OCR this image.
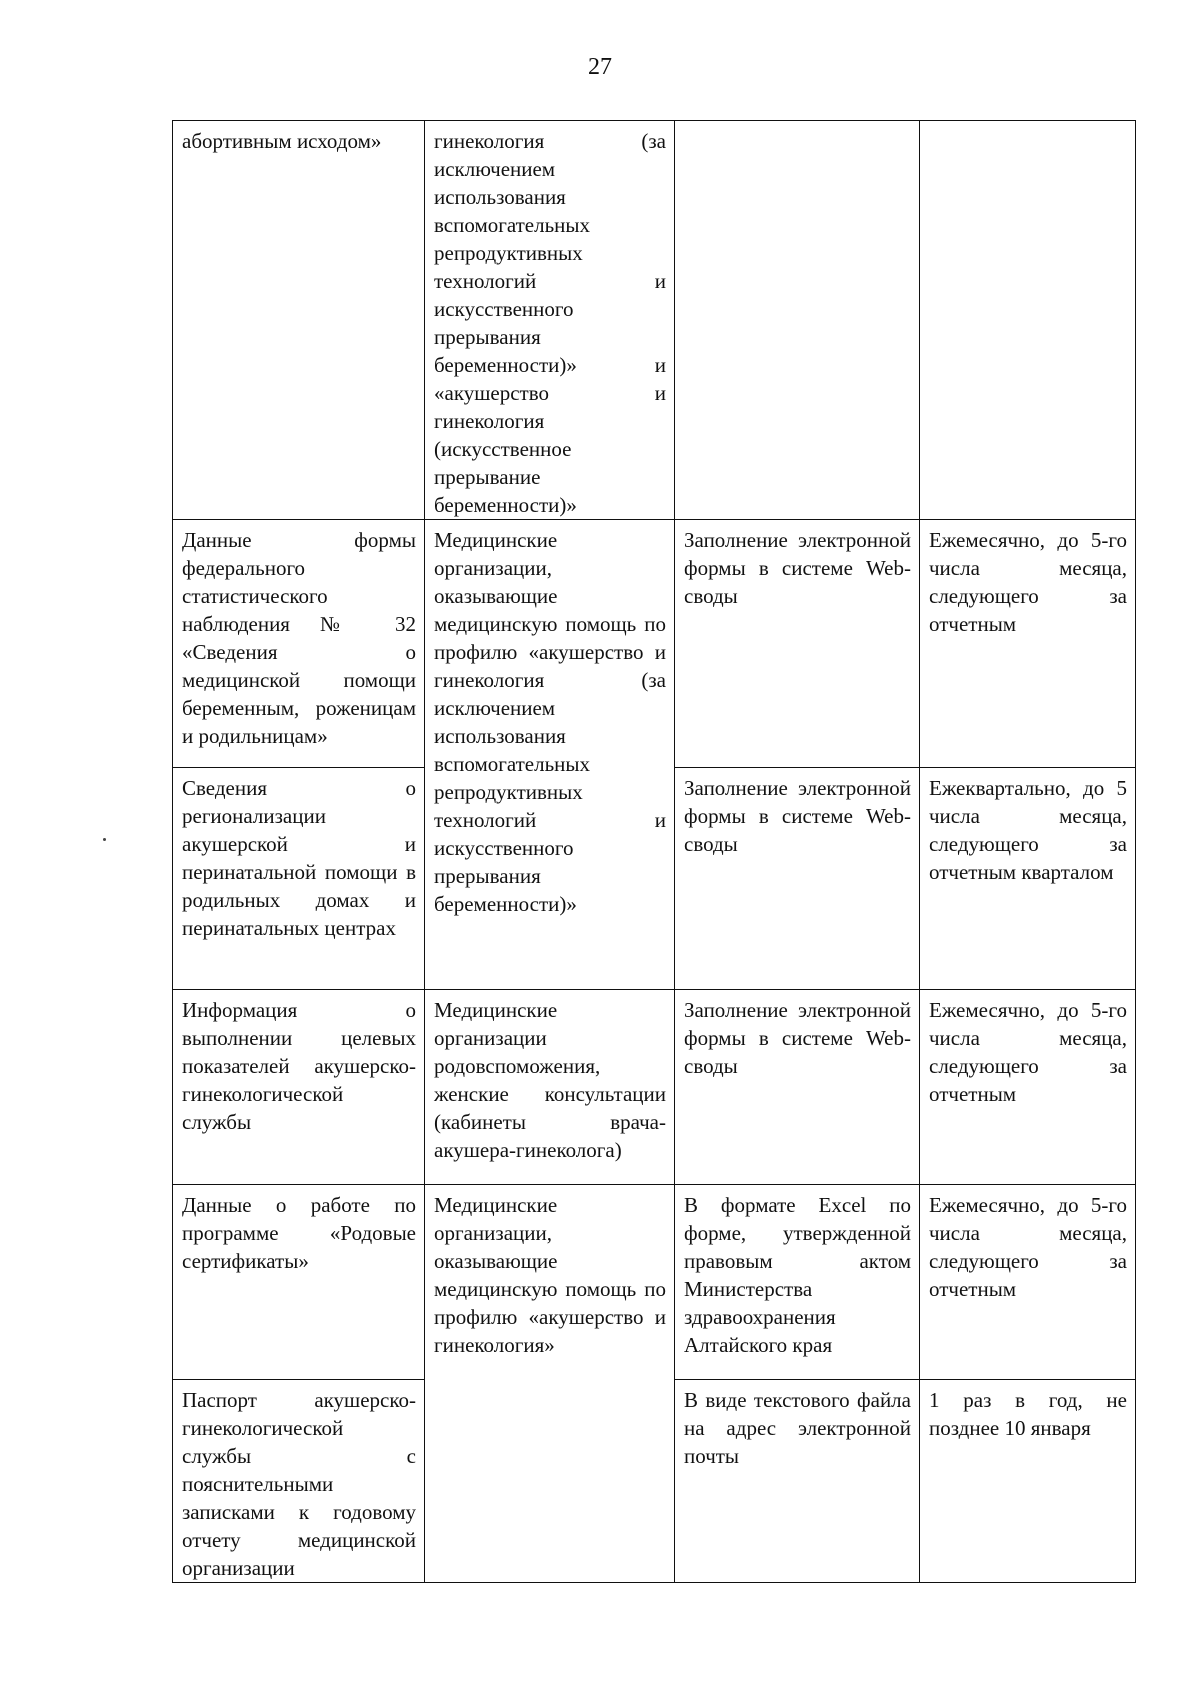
27
абортивным исходом»	гинекология (за исключением использования вспомогательных репродуктивных технологий и искусственного прерывания беременности)» и «акушерство и гинекология (искусственное прерывание беременности)»		
Данные формы федерального статистического наблюдения № 32 «Сведения о медицинской помощи беременным, роженицам и родильницам»	Медицинские организации, оказывающие медицинскую помощь по профилю «акушерство и гинекология (за исключением использования вспомогательных репродуктивных технологий и искусственного прерывания беременности)»	Заполнение электронной формы в системе Web-своды	Ежемесячно, до 5-го числа месяца, следующего за отчетным
Сведения о регионализации акушерской и перинатальной помощи в родильных домах и перинатальных центрах		Заполнение электронной формы в системе Web-своды	Ежеквартально, до 5 числа месяца, следующего за отчетным кварталом
Информация о выполнении целевых показателей акушерско-гинекологической службы	Медицинские организации родовспоможения, женские консультации (кабинеты врача-акушера-гинеколога)	Заполнение электронной формы в системе Web-своды	Ежемесячно, до 5-го числа месяца, следующего за отчетным
Данные о работе по программе «Родовые сертификаты»	Медицинские организации, оказывающие медицинскую помощь по профилю «акушерство и гинекология»	В формате Excel по форме, утвержденной правовым актом Министерства здравоохранения Алтайского края	Ежемесячно, до 5-го числа месяца, следующего за отчетным
Паспорт акушерско-гинекологической службы с пояснительными записками к годовому отчету медицинской организации		В виде текстового файла на адрес электронной почты	1 раз в год, не позднее 10 января
